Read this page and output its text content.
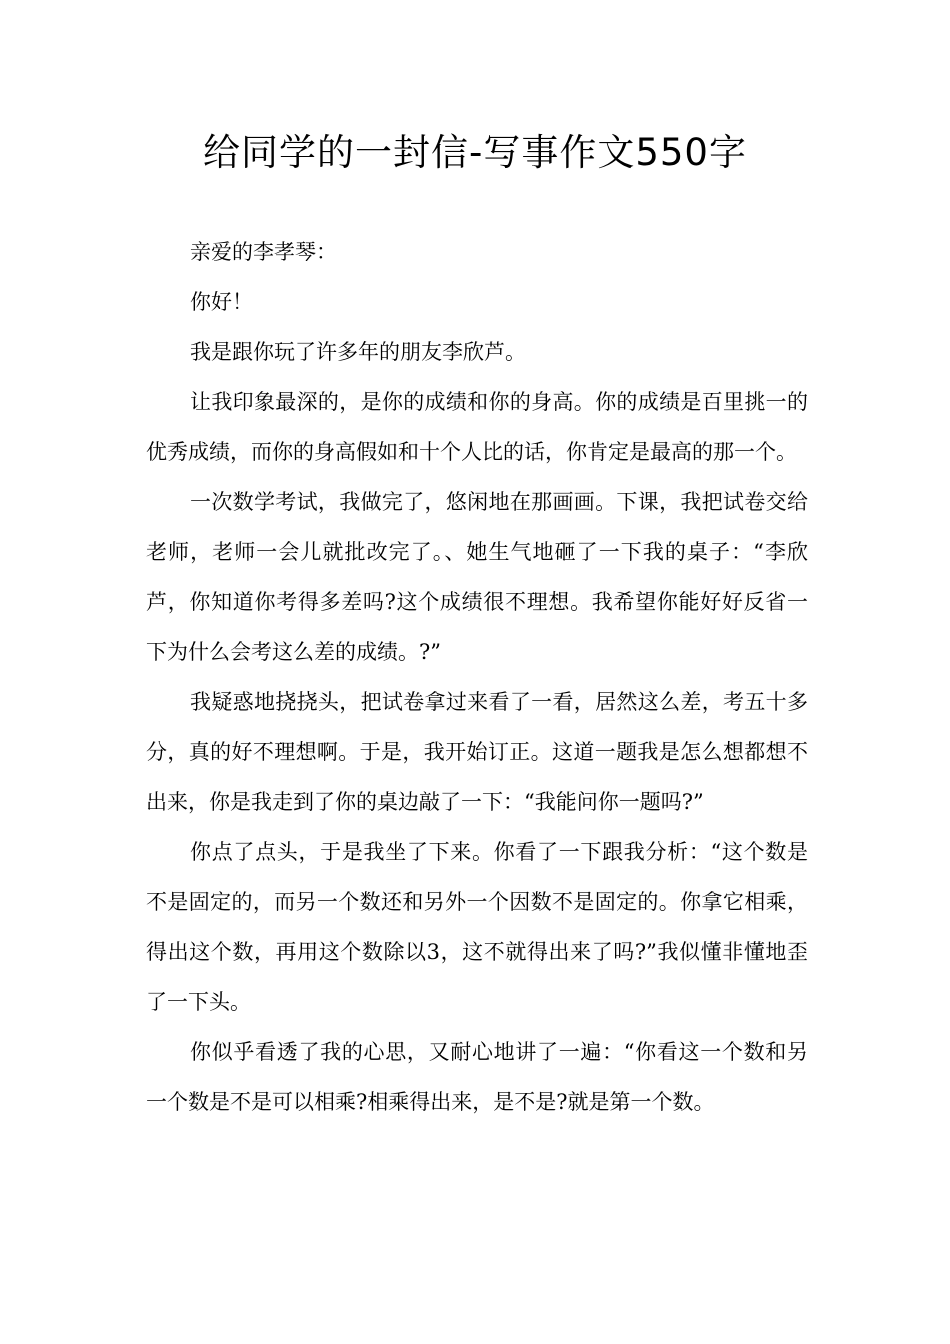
给同学的一封信-写事作文550字

亲爱的李孝琴：

你好！

我是跟你玩了许多年的朋友李欣芦。

让我印象最深的，是你的成绩和你的身高。你的成绩是百里挑一的优秀成绩，而你的身高假如和十个人比的话，你肯定是最高的那一个。

一次数学考试，我做完了，悠闲地在那画画。下课，我把试卷交给老师，老师一会儿就批改完了。、她生气地砸了一下我的桌子：“李欣芦，你知道你考得多差吗?这个成绩很不理想。我希望你能好好反省一下为什么会考这么差的成绩。?”

我疑惑地挠挠头，把试卷拿过来看了一看，居然这么差，考五十多分，真的好不理想啊。于是，我开始订正。这道一题我是怎么想都想不出来，你是我走到了你的桌边敲了一下：“我能问你一题吗?”

你点了点头，于是我坐了下来。你看了一下跟我分析：“这个数是不是固定的，而另一个数还和另外一个因数不是固定的。你拿它相乘，得出这个数，再用这个数除以3，这不就得出来了吗?”我似懂非懂地歪了一下头。

你似乎看透了我的心思，又耐心地讲了一遍：“你看这一个数和另一个数是不是可以相乘?相乘得出来，是不是?就是第一个数。
